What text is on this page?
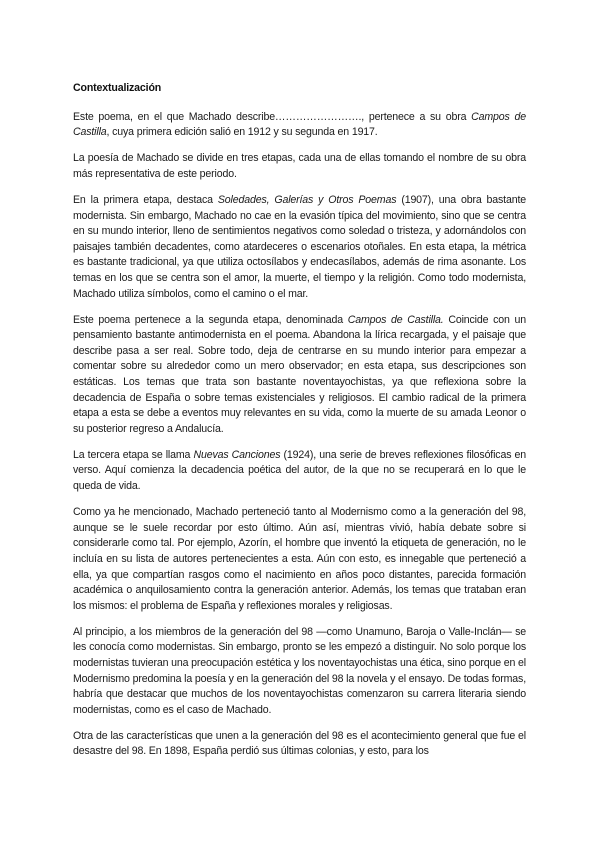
Contextualización

Este poema, en el que Machado describe……………………., pertenece a su obra Campos de Castilla, cuya primera edición salió en 1912 y su segunda en 1917.

La poesía de Machado se divide en tres etapas, cada una de ellas tomando el nombre de su obra más representativa de este periodo.

En la primera etapa, destaca Soledades, Galerías y Otros Poemas (1907), una obra bastante modernista. Sin embargo, Machado no cae en la evasión típica del movimiento, sino que se centra en su mundo interior, lleno de sentimientos negativos como soledad o tristeza, y adornándolos con paisajes también decadentes, como atardeceres o escenarios otoñales. En esta etapa, la métrica es bastante tradicional, ya que utiliza octosílabos y endecasílabos, además de rima asonante. Los temas en los que se centra son el amor, la muerte, el tiempo y la religión. Como todo modernista, Machado utiliza símbolos, como el camino o el mar.

Este poema pertenece a la segunda etapa, denominada Campos de Castilla. Coincide con un pensamiento bastante antimodernista en el poema. Abandona la lírica recargada, y el paisaje que describe pasa a ser real. Sobre todo, deja de centrarse en su mundo interior para empezar a comentar sobre su alrededor como un mero observador; en esta etapa, sus descripciones son estáticas. Los temas que trata son bastante noventayochistas, ya que reflexiona sobre la decadencia de España o sobre temas existenciales y religiosos. El cambio radical de la primera etapa a esta se debe a eventos muy relevantes en su vida, como la muerte de su amada Leonor o su posterior regreso a Andalucía.

La tercera etapa se llama Nuevas Canciones (1924), una serie de breves reflexiones filosóficas en verso. Aquí comienza la decadencia poética del autor, de la que no se recuperará en lo que le queda de vida.

Como ya he mencionado, Machado perteneció tanto al Modernismo como a la generación del 98, aunque se le suele recordar por esto último. Aún así, mientras vivió, había debate sobre si considerarle como tal. Por ejemplo, Azorín, el hombre que inventó la etiqueta de generación, no le incluía en su lista de autores pertenecientes a esta. Aún con esto, es innegable que perteneció a ella, ya que compartían rasgos como el nacimiento en años poco distantes, parecida formación académica o anquilosamiento contra la generación anterior. Además, los temas que trataban eran los mismos: el problema de España y reflexiones morales y religiosas.

Al principio, a los miembros de la generación del 98 —como Unamuno, Baroja o Valle-Inclán— se les conocía como modernistas. Sin embargo, pronto se les empezó a distinguir. No solo porque los modernistas tuvieran una preocupación estética y los noventayochistas una ética, sino porque en el Modernismo predomina la poesía y en la generación del 98 la novela y el ensayo. De todas formas, habría que destacar que muchos de los noventayochistas comenzaron su carrera literaria siendo modernistas, como es el caso de Machado.

Otra de las características que unen a la generación del 98 es el acontecimiento general que fue el desastre del 98. En 1898, España perdió sus últimas colonias, y esto, para los
